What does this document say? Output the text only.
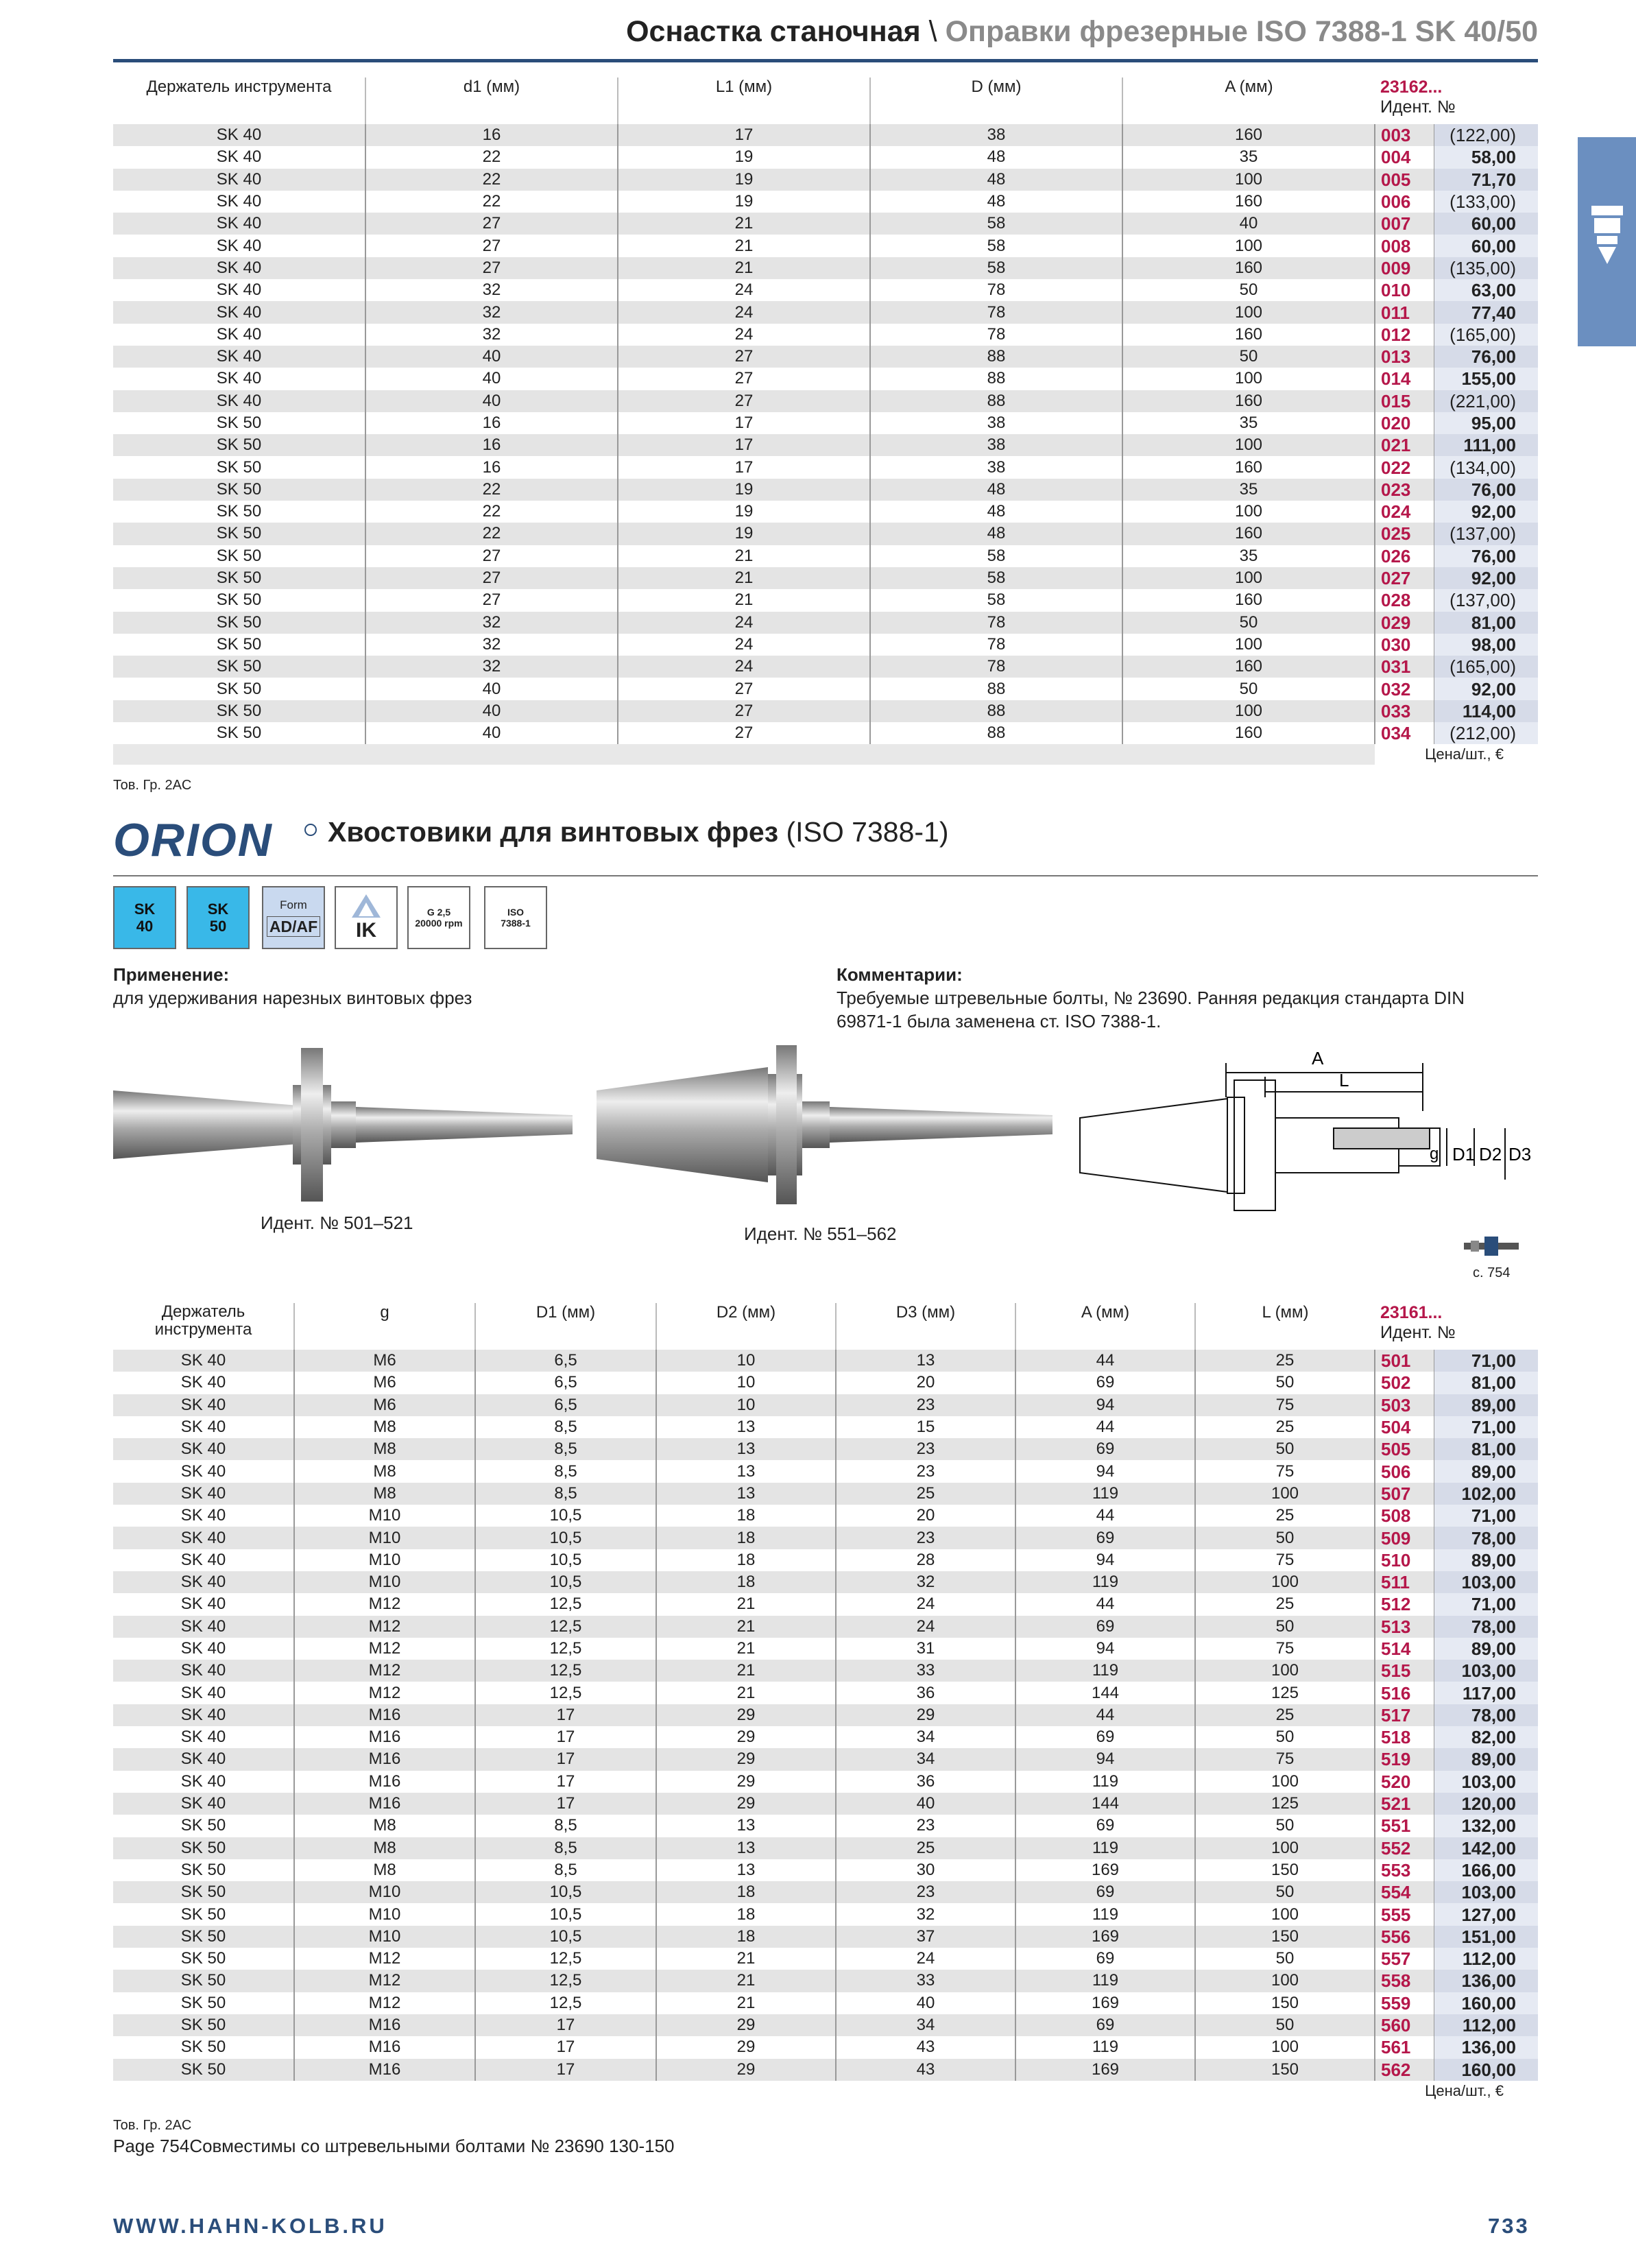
Оснастка станочная \ Оправки фрезерные ISO 7388-1 SK 40/50
Держатель инструмента	d1 (мм)	L1 (мм)	D (мм)	A (мм)	23162...
Идент. №	
SK 40	16	17	38	160	003	(122,00)
SK 40	22	19	48	35	004	58,00
SK 40	22	19	48	100	005	71,70
SK 40	22	19	48	160	006	(133,00)
SK 40	27	21	58	40	007	60,00
SK 40	27	21	58	100	008	60,00
SK 40	27	21	58	160	009	(135,00)
SK 40	32	24	78	50	010	63,00
SK 40	32	24	78	100	011	77,40
SK 40	32	24	78	160	012	(165,00)
SK 40	40	27	88	50	013	76,00
SK 40	40	27	88	100	014	155,00
SK 40	40	27	88	160	015	(221,00)
SK 50	16	17	38	35	020	95,00
SK 50	16	17	38	100	021	111,00
SK 50	16	17	38	160	022	(134,00)
SK 50	22	19	48	35	023	76,00
SK 50	22	19	48	100	024	92,00
SK 50	22	19	48	160	025	(137,00)
SK 50	27	21	58	35	026	76,00
SK 50	27	21	58	100	027	92,00
SK 50	27	21	58	160	028	(137,00)
SK 50	32	24	78	50	029	81,00
SK 50	32	24	78	100	030	98,00
SK 50	32	24	78	160	031	(165,00)
SK 50	40	27	88	50	032	92,00
SK 50	40	27	88	100	033	114,00
SK 50	40	27	88	160	034	(212,00)
					Цена/шт., €	
Тов. Гр. 2AC
ORION Хвостовики для винтовых фрез (ISO 7388-1)
SK
40
SK
50
Form
AD/AF IK
G 2,5
20000 rpm
ISO
7388-1
Применение:
для удерживания нарезных винтовых фрез
Комментарии:
Требуемые штревельные болты, № 23690. Ранняя редакция стандарта DIN
69871-1 была заменена ст. ISO 7388-1.
Идент. № 501–521
Идент. № 551–562
A
L
g D1 D2 D3
с. 754
Держатель инструмента	g	D1 (мм)	D2 (мм)	D3 (мм)	A (мм)	L (мм)	23161...
Идент. №	
SK 40	M6	6,5	10	13	44	25	501	71,00
SK 40	M6	6,5	10	20	69	50	502	81,00
SK 40	M6	6,5	10	23	94	75	503	89,00
SK 40	M8	8,5	13	15	44	25	504	71,00
SK 40	M8	8,5	13	23	69	50	505	81,00
SK 40	M8	8,5	13	23	94	75	506	89,00
SK 40	M8	8,5	13	25	119	100	507	102,00
SK 40	M10	10,5	18	20	44	25	508	71,00
SK 40	M10	10,5	18	23	69	50	509	78,00
SK 40	M10	10,5	18	28	94	75	510	89,00
SK 40	M10	10,5	18	32	119	100	511	103,00
SK 40	M12	12,5	21	24	44	25	512	71,00
SK 40	M12	12,5	21	24	69	50	513	78,00
SK 40	M12	12,5	21	31	94	75	514	89,00
SK 40	M12	12,5	21	33	119	100	515	103,00
SK 40	M12	12,5	21	36	144	125	516	117,00
SK 40	M16	17	29	29	44	25	517	78,00
SK 40	M16	17	29	34	69	50	518	82,00
SK 40	M16	17	29	34	94	75	519	89,00
SK 40	M16	17	29	36	119	100	520	103,00
SK 40	M16	17	29	40	144	125	521	120,00
SK 50	M8	8,5	13	23	69	50	551	132,00
SK 50	M8	8,5	13	25	119	100	552	142,00
SK 50	M8	8,5	13	30	169	150	553	166,00
SK 50	M10	10,5	18	23	69	50	554	103,00
SK 50	M10	10,5	18	32	119	100	555	127,00
SK 50	M10	10,5	18	37	169	150	556	151,00
SK 50	M12	12,5	21	24	69	50	557	112,00
SK 50	M12	12,5	21	33	119	100	558	136,00
SK 50	M12	12,5	21	40	169	150	559	160,00
SK 50	M16	17	29	34	69	50	560	112,00
SK 50	M16	17	29	43	119	100	561	136,00
SK 50	M16	17	29	43	169	150	562	160,00
							Цена/шт., €	
Тов. Гр. 2AC
Page 754Совместимы со штревельными болтами № 23690 130-150
WWW.HAHN-KOLB.RU	733
